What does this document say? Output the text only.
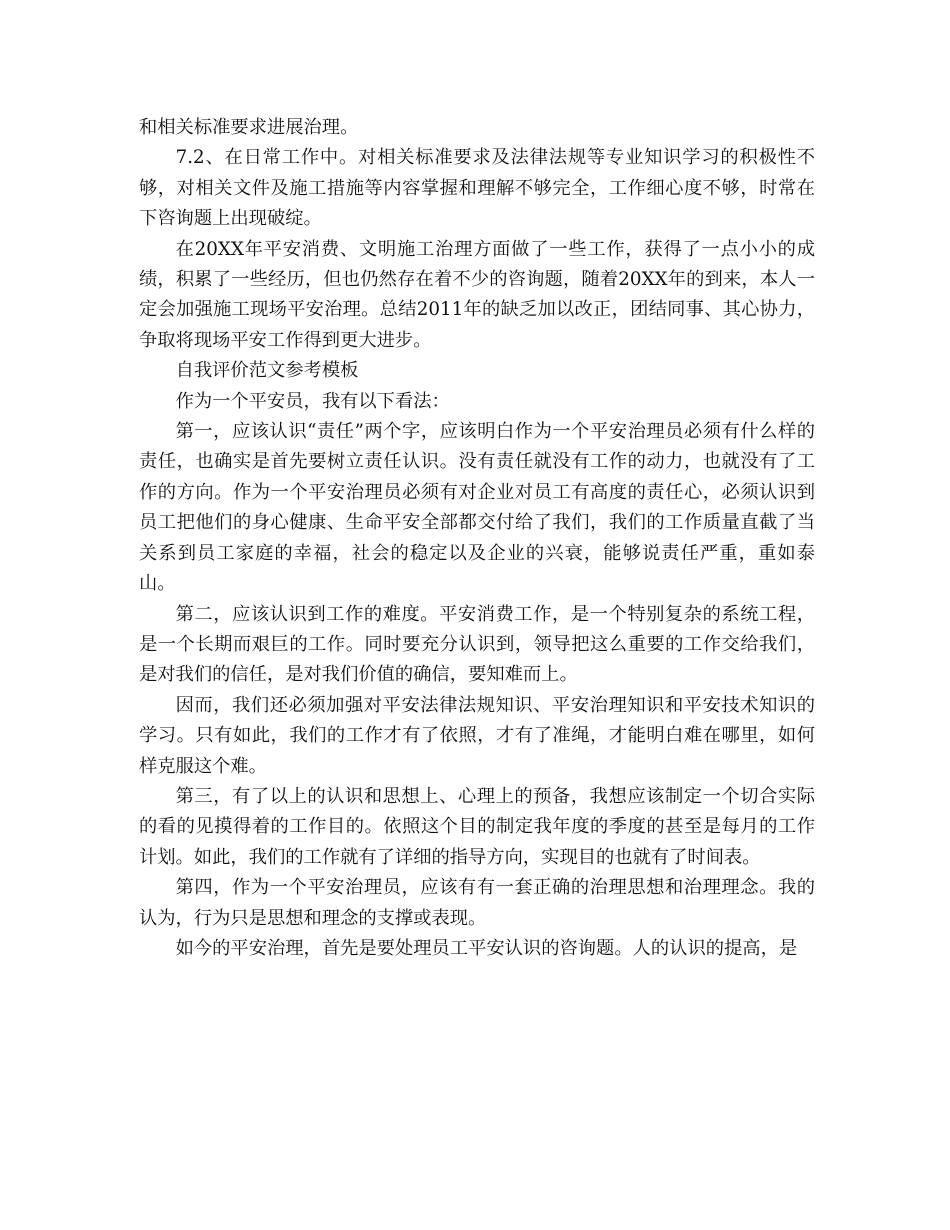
和相关标准要求进展治理。

7.2、在日常工作中。对相关标准要求及法律法规等专业知识学习的积极性不够，对相关文件及施工措施等内容掌握和理解不够完全，工作细心度不够，时常在下咨询题上出现破绽。

在20XX年平安消费、文明施工治理方面做了一些工作，获得了一点小小的成绩，积累了一些经历，但也仍然存在着不少的咨询题，随着20XX年的到来，本人一定会加强施工现场平安治理。总结2011年的缺乏加以改正，团结同事、其心协力，争取将现场平安工作得到更大进步。

自我评价范文参考模板

作为一个平安员，我有以下看法：

第一，应该认识“责任”两个字，应该明白作为一个平安治理员必须有什么样的责任，也确实是首先要树立责任认识。没有责任就没有工作的动力，也就没有了工作的方向。作为一个平安治理员必须有对企业对员工有高度的责任心，必须认识到员工把他们的身心健康、生命平安全部都交付给了我们，我们的工作质量直截了当关系到员工家庭的幸福，社会的稳定以及企业的兴衰，能够说责任严重，重如泰山。

第二，应该认识到工作的难度。平安消费工作，是一个特别复杂的系统工程，是一个长期而艰巨的工作。同时要充分认识到，领导把这么重要的工作交给我们，是对我们的信任，是对我们价值的确信，要知难而上。

因而，我们还必须加强对平安法律法规知识、平安治理知识和平安技术知识的学习。只有如此，我们的工作才有了依照，才有了准绳，才能明白难在哪里，如何样克服这个难。

第三，有了以上的认识和思想上、心理上的预备，我想应该制定一个切合实际的看的见摸得着的工作目的。依照这个目的制定我年度的季度的甚至是每月的工作计划。如此，我们的工作就有了详细的指导方向，实现目的也就有了时间表。

第四，作为一个平安治理员，应该有有一套正确的治理思想和治理理念。我的认为，行为只是思想和理念的支撑或表现。

如今的平安治理，首先是要处理员工平安认识的咨询题。人的认识的提高，是
